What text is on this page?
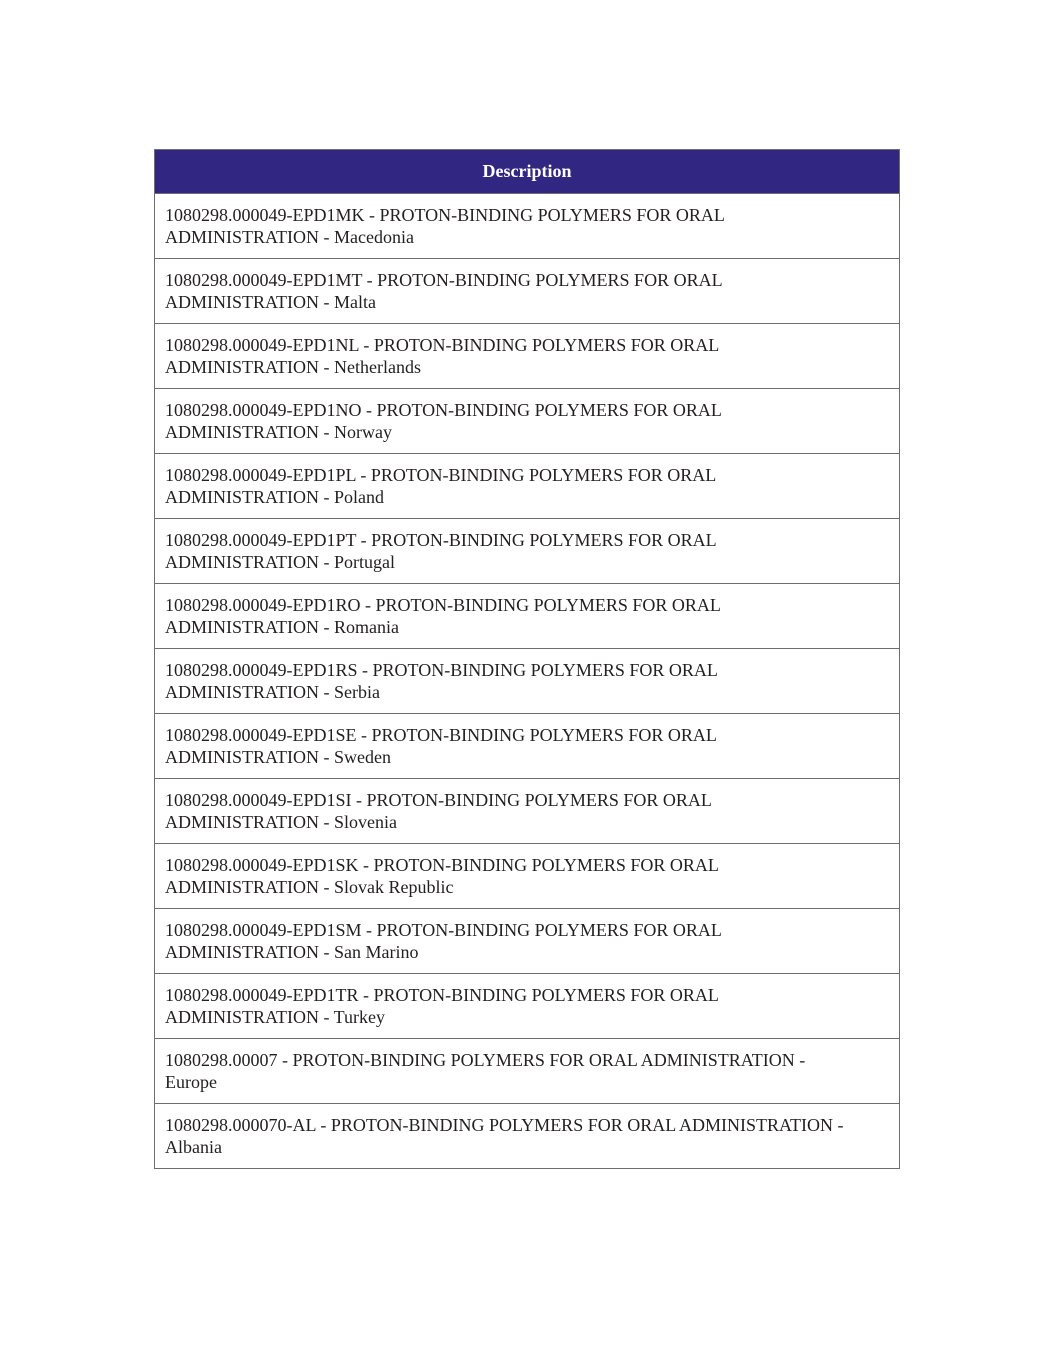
Description
1080298.000049-EPD1MK - PROTON-BINDING POLYMERS FOR ORAL
ADMINISTRATION - Macedonia
1080298.000049-EPD1MT - PROTON-BINDING POLYMERS FOR ORAL
ADMINISTRATION - Malta
1080298.000049-EPD1NL - PROTON-BINDING POLYMERS FOR ORAL
ADMINISTRATION - Netherlands
1080298.000049-EPD1NO - PROTON-BINDING POLYMERS FOR ORAL
ADMINISTRATION - Norway
1080298.000049-EPD1PL - PROTON-BINDING POLYMERS FOR ORAL
ADMINISTRATION - Poland
1080298.000049-EPD1PT - PROTON-BINDING POLYMERS FOR ORAL
ADMINISTRATION - Portugal
1080298.000049-EPD1RO - PROTON-BINDING POLYMERS FOR ORAL
ADMINISTRATION - Romania
1080298.000049-EPD1RS - PROTON-BINDING POLYMERS FOR ORAL
ADMINISTRATION - Serbia
1080298.000049-EPD1SE - PROTON-BINDING POLYMERS FOR ORAL
ADMINISTRATION - Sweden
1080298.000049-EPD1SI - PROTON-BINDING POLYMERS FOR ORAL
ADMINISTRATION - Slovenia
1080298.000049-EPD1SK - PROTON-BINDING POLYMERS FOR ORAL
ADMINISTRATION - Slovak Republic
1080298.000049-EPD1SM - PROTON-BINDING POLYMERS FOR ORAL
ADMINISTRATION - San Marino
1080298.000049-EPD1TR - PROTON-BINDING POLYMERS FOR ORAL
ADMINISTRATION - Turkey
1080298.00007 - PROTON-BINDING POLYMERS FOR ORAL ADMINISTRATION -
Europe
1080298.000070-AL - PROTON-BINDING POLYMERS FOR ORAL ADMINISTRATION -
Albania
